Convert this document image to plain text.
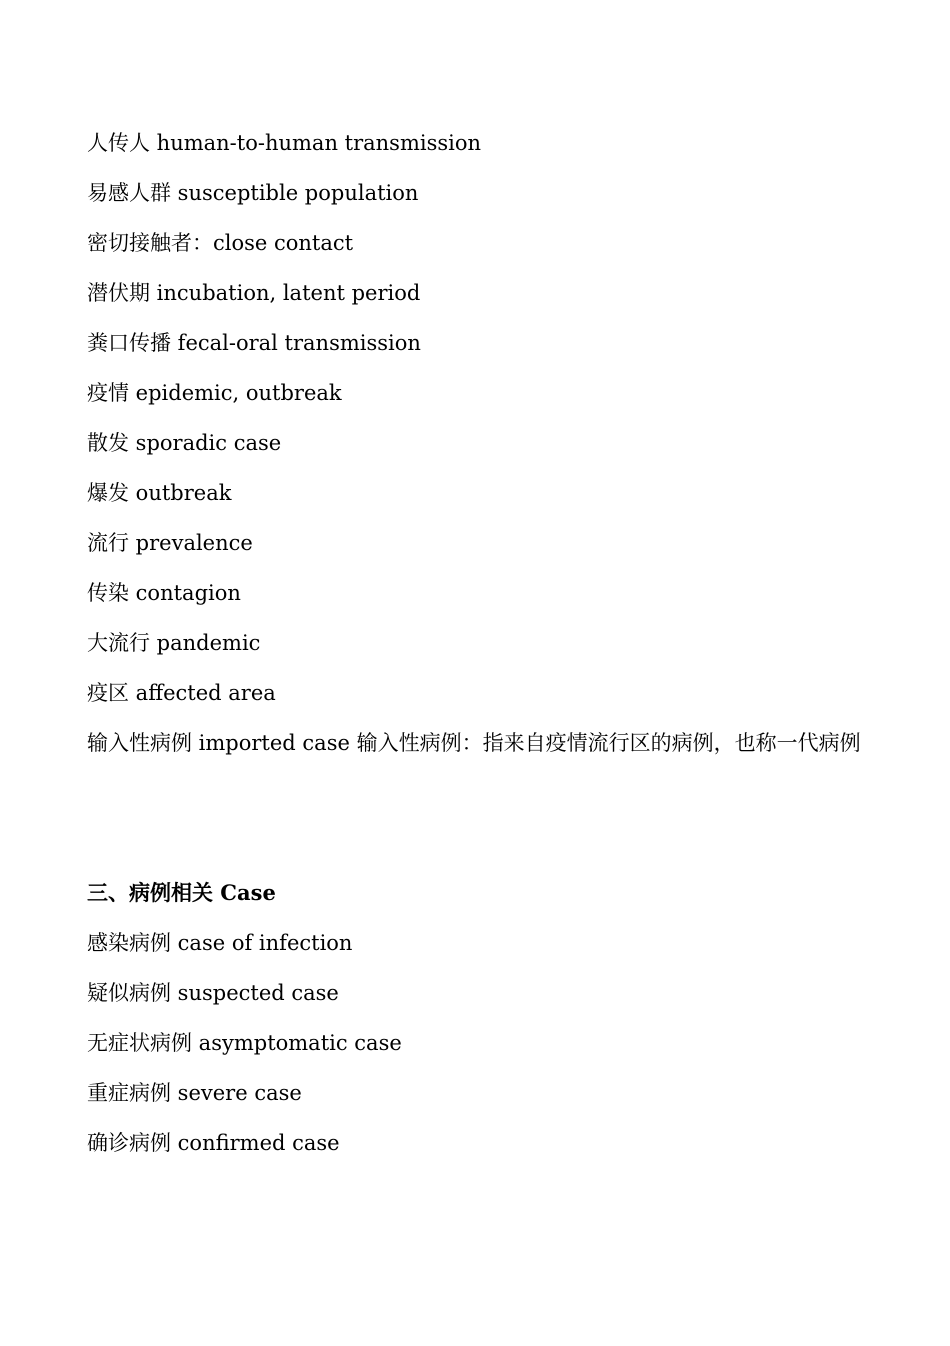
人传人 human-to-human transmission
易感人群 susceptible population
密切接触者：close contact
潜伏期 incubation, latent period
粪口传播 fecal-oral transmission
疫情 epidemic, outbreak
散发 sporadic case
爆发 outbreak
流行 prevalence
传染 contagion
大流行 pandemic
疫区 affected area
输入性病例 imported case 输入性病例：指来自疫情流行区的病例，也称一代病例
三、病例相关 Case
感染病例 case of infection
疑似病例 suspected case
无症状病例 asymptomatic case
重症病例 severe case
确诊病例 confirmed case
